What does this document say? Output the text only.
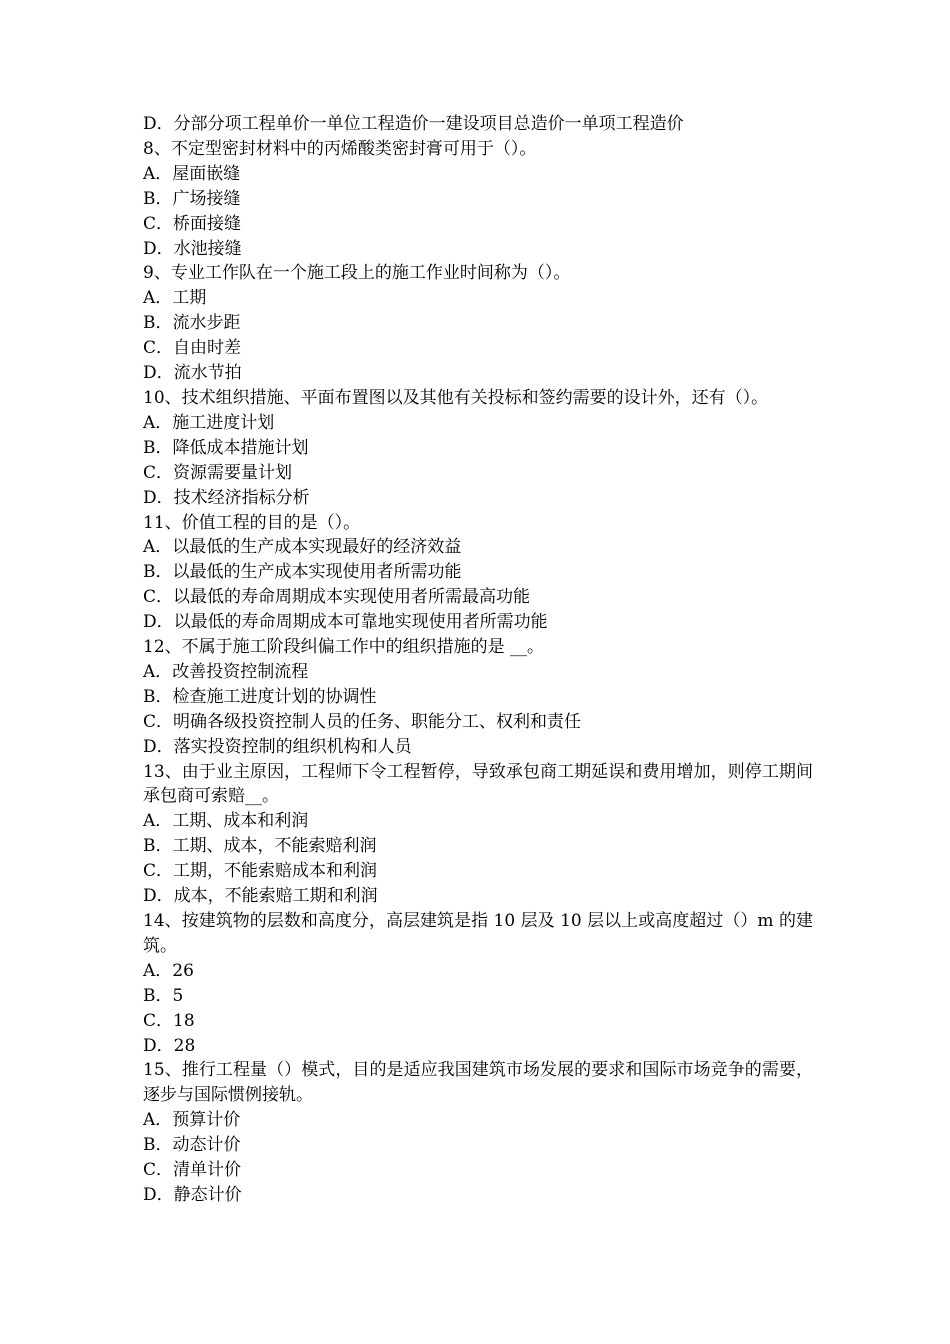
D．分部分项工程单价一单位工程造价一建设项目总造价一单项工程造价
8、不定型密封材料中的丙烯酸类密封膏可用于（）。
A．屋面嵌缝
B．广场接缝
C．桥面接缝
D．水池接缝
9、专业工作队在一个施工段上的施工作业时间称为（）。
A．工期
B．流水步距
C．自由时差
D．流水节拍
10、技术组织措施、平面布置图以及其他有关投标和签约需要的设计外，还有（）。
A．施工进度计划
B．降低成本措施计划
C．资源需要量计划
D．技术经济指标分析
11、价值工程的目的是（）。
A．以最低的生产成本实现最好的经济效益
B．以最低的生产成本实现使用者所需功能
C．以最低的寿命周期成本实现使用者所需最高功能
D．以最低的寿命周期成本可靠地实现使用者所需功能
12、不属于施工阶段纠偏工作中的组织措施的是 __。
A．改善投资控制流程
B．检查施工进度计划的协调性
C．明确各级投资控制人员的任务、职能分工、权利和责任
D．落实投资控制的组织机构和人员
13、由于业主原因，工程师下令工程暂停，导致承包商工期延误和费用增加，则停工期间承包商可索赔__。
A．工期、成本和利润
B．工期、成本，不能索赔利润
C．工期，不能索赔成本和利润
D．成本，不能索赔工期和利润
14、按建筑物的层数和高度分，高层建筑是指 10 层及 10 层以上或高度超过（）m 的建筑。
A．26
B．5
C．18
D．28
15、推行工程量（）模式，目的是适应我国建筑市场发展的要求和国际市场竞争的需要，逐步与国际惯例接轨。
A．预算计价
B．动态计价
C．清单计价
D．静态计价
